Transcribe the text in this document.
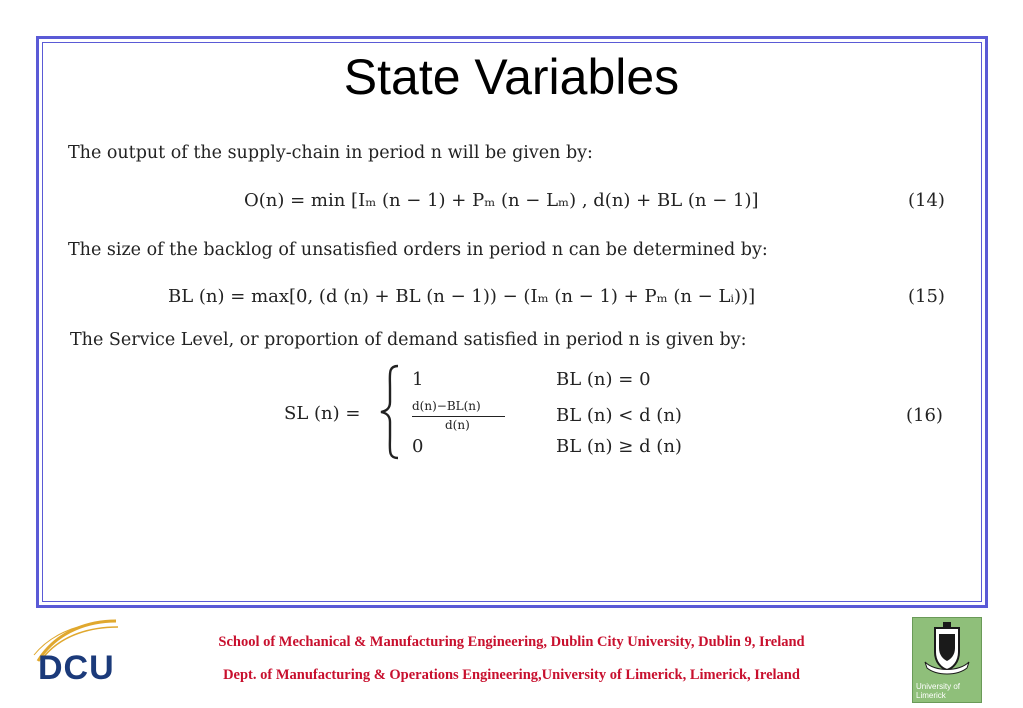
State Variables
The output of the supply-chain in period n will be given by:
O(n) = min [Iₘ (n − 1) + Pₘ (n − Lₘ) , d(n) + BL (n − 1)]	(14)
The size of the backlog of unsatisfied orders in period n can be determined by:
BL (n) = max[0, (d (n) + BL (n − 1)) − (Iₘ (n − 1) + Pₘ (n − Lᵢ))]	(15)
The Service Level, or proportion of demand satisfied in period n is given by:
SL (n) =
1	BL (n) = 0
d(n)−BL(n)
d(n)	BL (n) < d (n)
0	BL (n) ≥ d (n)
(16)
DCU
School of Mechanical & Manufacturing Engineering, Dublin City University, Dublin 9, Ireland
Dept. of Manufacturing & Operations Engineering,University of Limerick, Limerick, Ireland
University of Limerick
